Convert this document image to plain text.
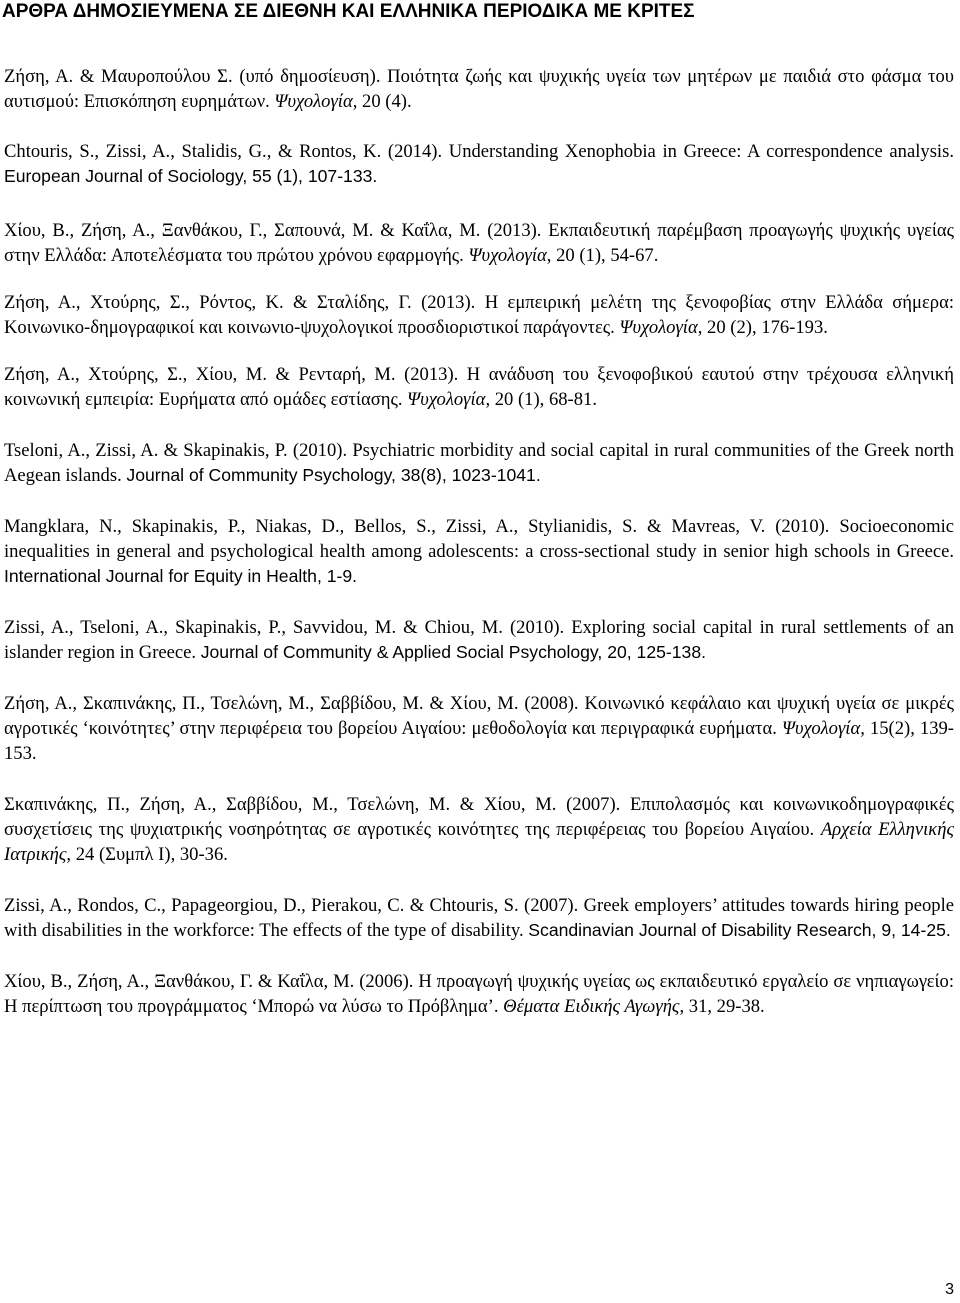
ΑΡΘΡΑ ΔΗΜΟΣΙΕΥΜΕΝΑ ΣΕ ΔΙΕΘΝΗ ΚΑΙ ΕΛΛΗΝΙΚΑ ΠΕΡΙΟΔΙΚΑ ΜΕ ΚΡΙΤΕΣ

Ζήση, Α. & Μαυροπούλου Σ. (υπό δημοσίευση). Ποιότητα ζωής και ψυχικής υγεία των μητέρων με παιδιά στο φάσμα του αυτισμού: Επισκόπηση ευρημάτων. Ψυχολογία, 20 (4).

Chtouris, S., Zissi, A., Stalidis, G., & Rontos, K. (2014). Understanding Xenophobia in Greece: A correspondence analysis. European Journal of Sociology, 55 (1), 107-133.

Χίου, Β., Ζήση, Α., Ξανθάκου, Γ., Σαπουνά, Μ. & Καΐλα, Μ. (2013). Εκπαιδευτική παρέμβαση προαγωγής ψυχικής υγείας στην Ελλάδα: Αποτελέσματα του πρώτου χρόνου εφαρμογής. Ψυχολογία, 20 (1), 54-67.

Ζήση, Α., Χτούρης, Σ., Ρόντος, Κ. & Σταλίδης, Γ. (2013). Η εμπειρική μελέτη της ξενοφοβίας στην Ελλάδα σήμερα: Κοινωνικο-δημογραφικοί και κοινωνιο-ψυχολογικοί προσδιοριστικοί παράγοντες. Ψυχολογία, 20 (2), 176-193.

Ζήση, Α., Χτούρης, Σ., Χίου, Μ. & Ρενταρή, Μ. (2013). Η ανάδυση του ξενοφοβικού εαυτού στην τρέχουσα ελληνική κοινωνική εμπειρία: Ευρήματα από ομάδες εστίασης. Ψυχολογία, 20 (1), 68-81.

Tseloni, A., Zissi, A. & Skapinakis, P. (2010). Psychiatric morbidity and social capital in rural communities of the Greek north Aegean islands. Journal of Community Psychology, 38(8), 1023-1041.

Mangklara, N., Skapinakis, P., Niakas, D., Bellos, S., Zissi, A., Stylianidis, S. & Mavreas, V. (2010). Socioeconomic inequalities in general and psychological health among adolescents: a cross-sectional study in senior high schools in Greece. International Journal for Equity in Health, 1-9.

Zissi, A., Tseloni, A., Skapinakis, P., Savvidou, M. & Chiou, M. (2010). Exploring social capital in rural settlements of an islander region in Greece. Journal of Community & Applied Social Psychology, 20, 125-138.

Ζήση, Α., Σκαπινάκης, Π., Τσελώνη, Μ., Σαββίδου, Μ. & Χίου, Μ. (2008). Κοινωνικό κεφάλαιο και ψυχική υγεία σε μικρές αγροτικές ‘κοινότητες’ στην περιφέρεια του βορείου Αιγαίου: μεθοδολογία και περιγραφικά ευρήματα. Ψυχολογία, 15(2), 139-153.

Σκαπινάκης, Π., Ζήση, Α., Σαββίδου, Μ., Τσελώνη, Μ. & Χίου, Μ. (2007). Επιπολασμός και κοινωνικοδημογραφικές συσχετίσεις της ψυχιατρικής νοσηρότητας σε αγροτικές κοινότητες της περιφέρειας του βορείου Αιγαίου. Αρχεία Ελληνικής Ιατρικής, 24 (Συμπλ Ι), 30-36.

Zissi, A., Rondos, C., Papageorgiou, D., Pierakou, C. & Chtouris, S. (2007). Greek employers’ attitudes towards hiring people with disabilities in the workforce: The effects of the type of disability. Scandinavian Journal of Disability Research, 9, 14-25.

Χίου, Β., Ζήση, Α., Ξανθάκου, Γ. & Καΐλα, Μ. (2006). Η προαγωγή ψυχικής υγείας ως εκπαιδευτικό εργαλείο σε νηπιαγωγείο: Η περίπτωση του προγράμματος ‘Μπορώ να λύσω το Πρόβλημα’. Θέματα Ειδικής Αγωγής, 31, 29-38.

3
